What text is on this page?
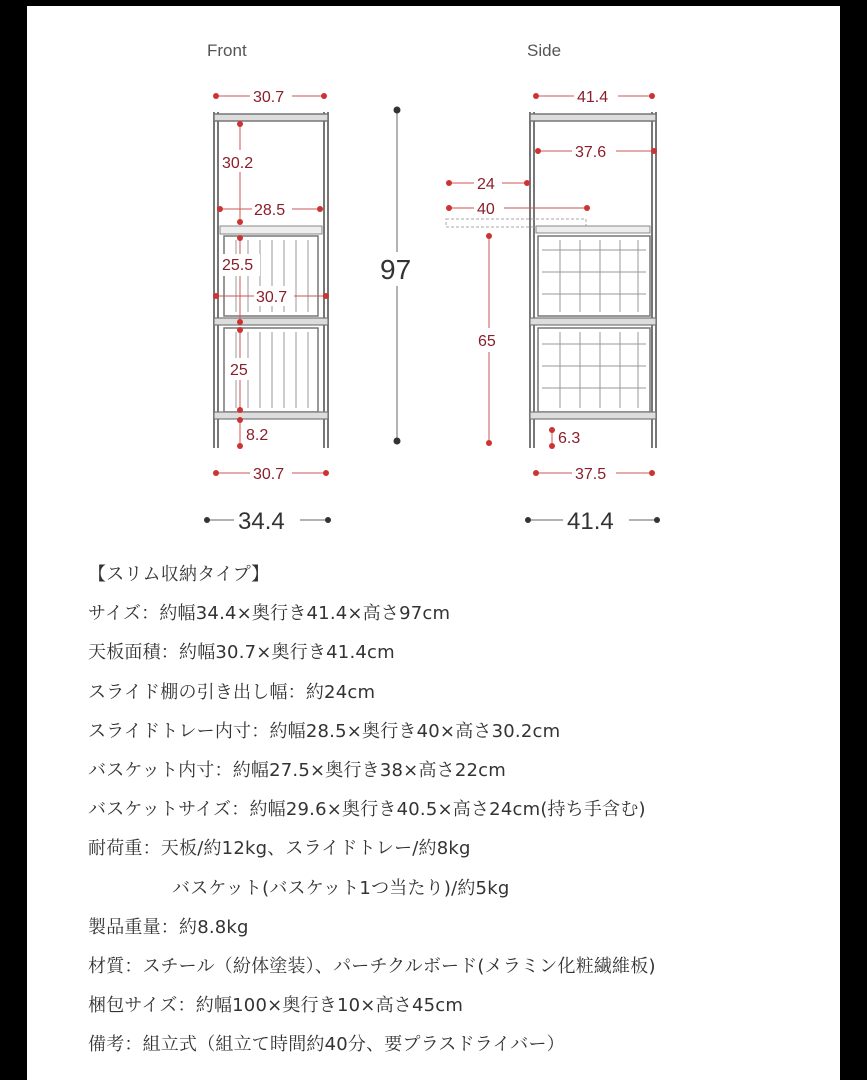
Front	Side
30.7
30.2
28.5
25.5
30.7
25
8.2
30.7
34.4
97
41.4
37.6
24
40
65
6.3
37.5
41.4
【スリム収納タイプ】
サイズ：約幅34.4×奥行き41.4×高さ97cm
天板面積：約幅30.7×奥行き41.4cm
スライド棚の引き出し幅：約24cm
スライドトレー内寸：約幅28.5×奥行き40×高さ30.2cm
バスケット内寸：約幅27.5×奥行き38×高さ22cm
バスケットサイズ：約幅29.6×奥行き40.5×高さ24cm(持ち手含む)
耐荷重：天板/約12kg、スライドトレー/約8kg
バスケット(バスケット1つ当たり)/約5kg
製品重量：約8.8kg
材質：スチール（紛体塗装）、パーチクルボード(メラミン化粧繊維板)
梱包サイズ：約幅100×奥行き10×高さ45cm
備考：組立式（組立て時間約40分、要プラスドライバー）
